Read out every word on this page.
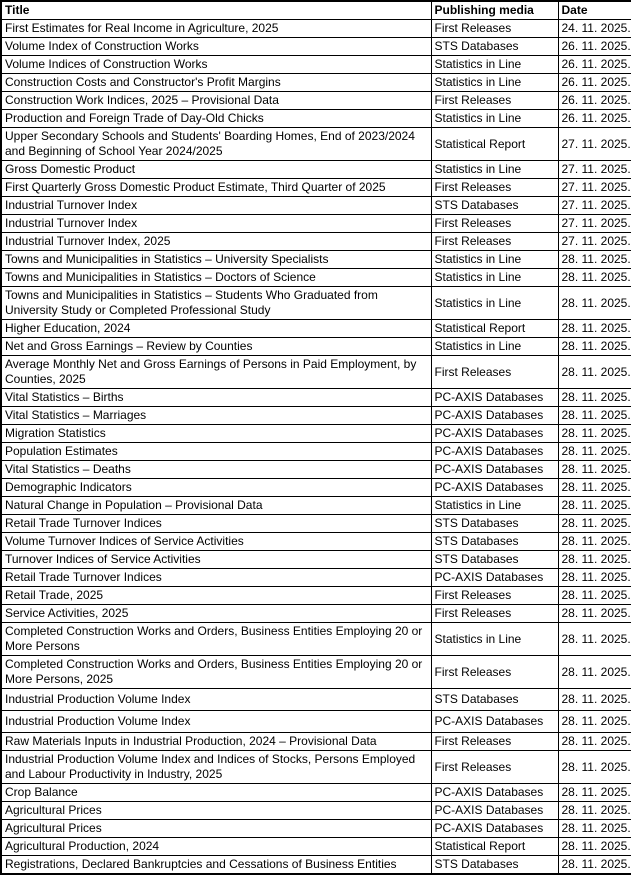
Title	Publishing media	Date
First Estimates for Real Income in Agriculture, 2025	First Releases	24. 11. 2025.
Volume Index of Construction Works	STS Databases	26. 11. 2025.
Volume Indices of Construction Works	Statistics in Line	26. 11. 2025.
Construction Costs and Constructor's Profit Margins	Statistics in Line	26. 11. 2025.
Construction Work Indices, 2025 – Provisional Data	First Releases	26. 11. 2025.
Production and Foreign Trade of Day-Old Chicks	Statistics in Line	26. 11. 2025.
Upper Secondary Schools and Students' Boarding Homes, End of 2023/2024 and Beginning of School Year 2024/2025	Statistical Report	27. 11. 2025.
Gross Domestic Product	Statistics in Line	27. 11. 2025.
First Quarterly Gross Domestic Product Estimate, Third Quarter of 2025	First Releases	27. 11. 2025.
Industrial Turnover Index	STS Databases	27. 11. 2025.
Industrial Turnover Index	First Releases	27. 11. 2025.
Industrial Turnover Index, 2025	First Releases	27. 11. 2025.
Towns and Municipalities in Statistics – University Specialists	Statistics in Line	28. 11. 2025.
Towns and Municipalities in Statistics – Doctors of Science	Statistics in Line	28. 11. 2025.
Towns and Municipalities in Statistics – Students Who Graduated from University Study or Completed Professional Study	Statistics in Line	28. 11. 2025.
Higher Education, 2024	Statistical Report	28. 11. 2025.
Net and Gross Earnings – Review by Counties	Statistics in Line	28. 11. 2025.
Average Monthly Net and Gross Earnings of Persons in Paid Employment, by Counties, 2025	First Releases	28. 11. 2025.
Vital Statistics – Births	PC-AXIS Databases	28. 11. 2025.
Vital Statistics – Marriages	PC-AXIS Databases	28. 11. 2025.
Migration Statistics	PC-AXIS Databases	28. 11. 2025.
Population Estimates	PC-AXIS Databases	28. 11. 2025.
Vital Statistics – Deaths	PC-AXIS Databases	28. 11. 2025.
Demographic Indicators	PC-AXIS Databases	28. 11. 2025.
Natural Change in Population – Provisional Data	Statistics in Line	28. 11. 2025.
Retail Trade Turnover Indices	STS Databases	28. 11. 2025.
Volume Turnover Indices of Service Activities	STS Databases	28. 11. 2025.
Turnover Indices of Service Activities	STS Databases	28. 11. 2025.
Retail Trade Turnover Indices	PC-AXIS Databases	28. 11. 2025.
Retail Trade, 2025	First Releases	28. 11. 2025.
Service Activities, 2025	First Releases	28. 11. 2025.
Completed Construction Works and Orders, Business Entities Employing 20 or More Persons	Statistics in Line	28. 11. 2025.
Completed Construction Works and Orders, Business Entities Employing 20 or More Persons, 2025	First Releases	28. 11. 2025.
Industrial Production Volume Index	STS Databases	28. 11. 2025.
Industrial Production Volume Index	PC-AXIS Databases	28. 11. 2025.
Raw Materials Inputs in Industrial Production, 2024 – Provisional Data	First Releases	28. 11. 2025.
Industrial Production Volume Index and Indices of Stocks, Persons Employed and Labour Productivity in Industry, 2025	First Releases	28. 11. 2025.
Crop Balance	PC-AXIS Databases	28. 11. 2025.
Agricultural Prices	PC-AXIS Databases	28. 11. 2025.
Agricultural Prices	PC-AXIS Databases	28. 11. 2025.
Agricultural Production, 2024	Statistical Report	28. 11. 2025.
Registrations, Declared Bankruptcies and Cessations of Business Entities	STS Databases	28. 11. 2025.
